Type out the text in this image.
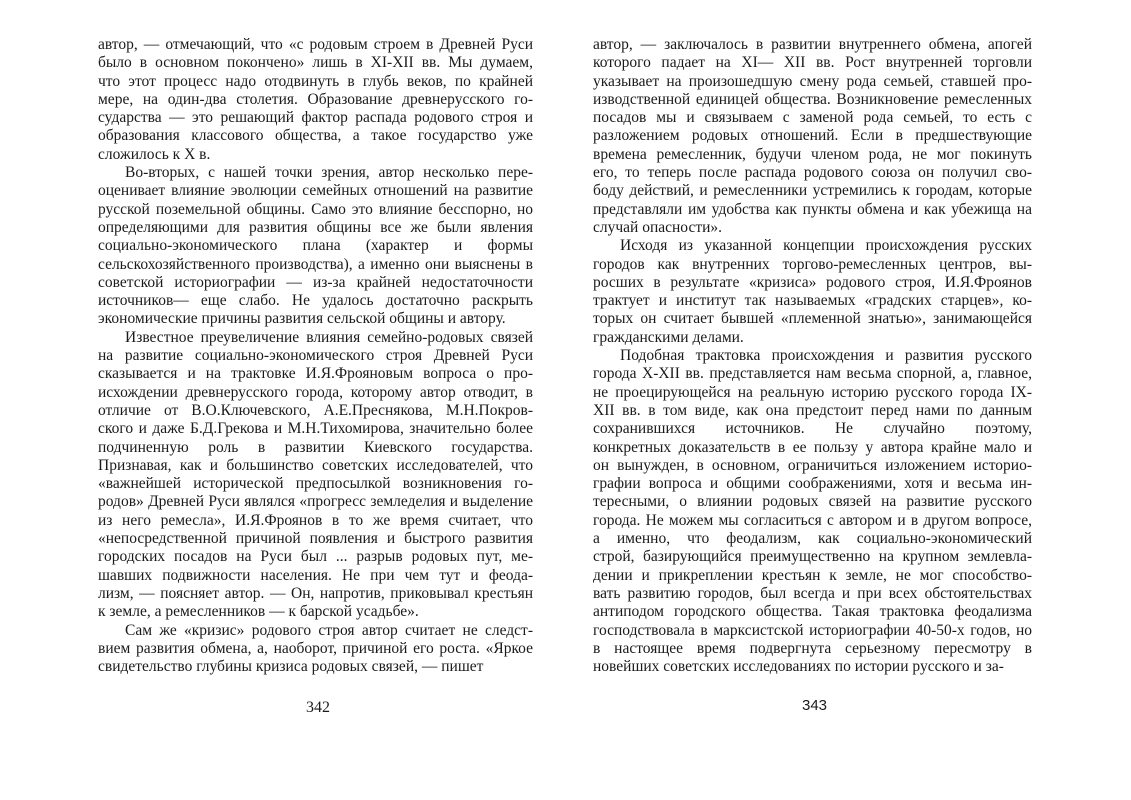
автор, — отмечающий, что «с родовым строем в Древней Руси
было в основном покончено» лишь в XI-XII вв. Мы думаем,
что этот процесс надо отодвинуть в глубь веков, по крайней
мере, на один-два столетия. Образование древнерусского го-
сударства — это решающий фактор распада родового строя и
образования классового общества, а такое государство уже
сложилось к X в.
Во-вторых, с нашей точки зрения, автор несколько пере-
оценивает влияние эволюции семейных отношений на развитие
русской поземельной общины. Само это влияние бесспорно, но
определяющими для развития общины все же были явления
социально-экономического плана (характер и формы
сельскохозяйственного производства), а именно они выяснены в
советской историографии — из-за крайней недостаточности
источников— еще слабо. Не удалось достаточно раскрыть
экономические причины развития сельской общины и автору.
Известное преувеличение влияния семейно-родовых связей
на развитие социально-экономического строя Древней Руси
сказывается и на трактовке И.Я.Фрояновым вопроса о про-
исхождении древнерусского города, которому автор отводит, в
отличие от В.О.Ключевского, А.Е.Преснякова, М.Н.Покров-
ского и даже Б.Д.Грекова и М.Н.Тихомирова, значительно более
подчиненную роль в развитии Киевского государства.
Признавая, как и большинство советских исследователей, что
«важнейшей исторической предпосылкой возникновения го-
родов» Древней Руси являлся «прогресс земледелия и выделение
из него ремесла», И.Я.Фроянов в то же время считает, что
«непосредственной причиной появления и быстрого развития
городских посадов на Руси был ... разрыв родовых пут, ме-
шавших подвижности населения. Не при чем тут и феода-
лизм, — поясняет автор. — Он, напротив, приковывал крестьян
к земле, а ремесленников — к барской усадьбе».
Сам же «кризис» родового строя автор считает не следст-
вием развития обмена, а, наоборот, причиной его роста. «Яркое
свидетельство глубины кризиса родовых связей, — пишет
342
автор, — заключалось в развитии внутреннего обмена, апогей
которого падает на XI— XII вв. Рост внутренней торговли
указывает на произошедшую смену рода семьей, ставшей про-
изводственной единицей общества. Возникновение ремесленных
посадов мы и связываем с заменой рода семьей, то есть с
разложением родовых отношений. Если в предшествующие
времена ремесленник, будучи членом рода, не мог покинуть
его, то теперь после распада родового союза он получил сво-
боду действий, и ремесленники устремились к городам, которые
представляли им удобства как пункты обмена и как убежища на
случай опасности».
Исходя из указанной концепции происхождения русских
городов как внутренних торгово-ремесленных центров, вы-
росших в результате «кризиса» родового строя, И.Я.Фроянов
трактует и институт так называемых «градских старцев», ко-
торых он считает бывшей «племенной знатью», занимающейся
гражданскими делами.
Подобная трактовка происхождения и развития русского
города X-XII вв. представляется нам весьма спорной, а, главное,
не проецирующейся на реальную историю русского города IX-
XII вв. в том виде, как она предстоит перед нами по данным
сохранившихся источников. Не случайно поэтому,
конкретных доказательств в ее пользу у автора крайне мало и
он вынужден, в основном, ограничиться изложением историо-
графии вопроса и общими соображениями, хотя и весьма ин-
тересными, о влиянии родовых связей на развитие русского
города. Не можем мы согласиться с автором и в другом вопросе,
а именно, что феодализм, как социально-экономический
строй, базирующийся преимущественно на крупном землевла-
дении и прикреплении крестьян к земле, не мог способство-
вать развитию городов, был всегда и при всех обстоятельствах
антиподом городского общества. Такая трактовка феодализма
господствовала в марксистской историографии 40-50-х годов, но
в настоящее время подвергнута серьезному пересмотру в
новейших советских исследованиях по истории русского и за-
343
